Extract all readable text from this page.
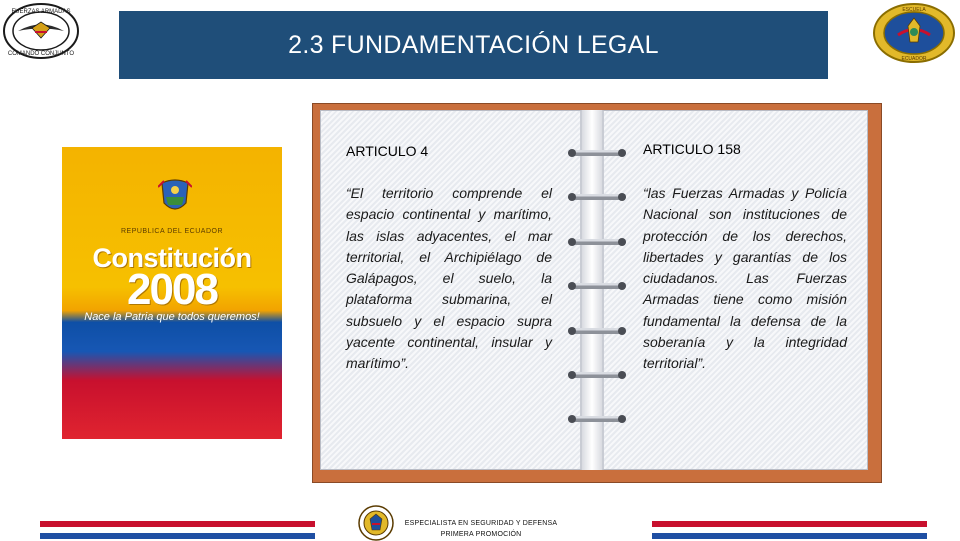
FUERZAS ARMADAS
COMANDO CONJUNTO
ESCUELA
ECUADOR
2.3 FUNDAMENTACIÓN LEGAL
REPUBLICA DEL ECUADOR
Constitución
2008
Nace la Patria que todos queremos!
ARTICULO 4
“El territorio comprende el espacio continental y marítimo, las islas adyacentes, el mar territorial, el Archipiélago de Galápagos, el suelo, la plataforma submarina, el subsuelo y el espacio supra yacente continental, insular y marítimo”.
ARTICULO 158
“las Fuerzas Armadas y Policía Nacional son instituciones de protección de los derechos, libertades y garantías de los ciudadanos. Las Fuerzas Armadas tiene como misión fundamental la defensa de la soberanía y la integridad territorial”.
ESPECIALISTA EN SEGURIDAD Y DEFENSA
PRIMERA PROMOCIÓN
